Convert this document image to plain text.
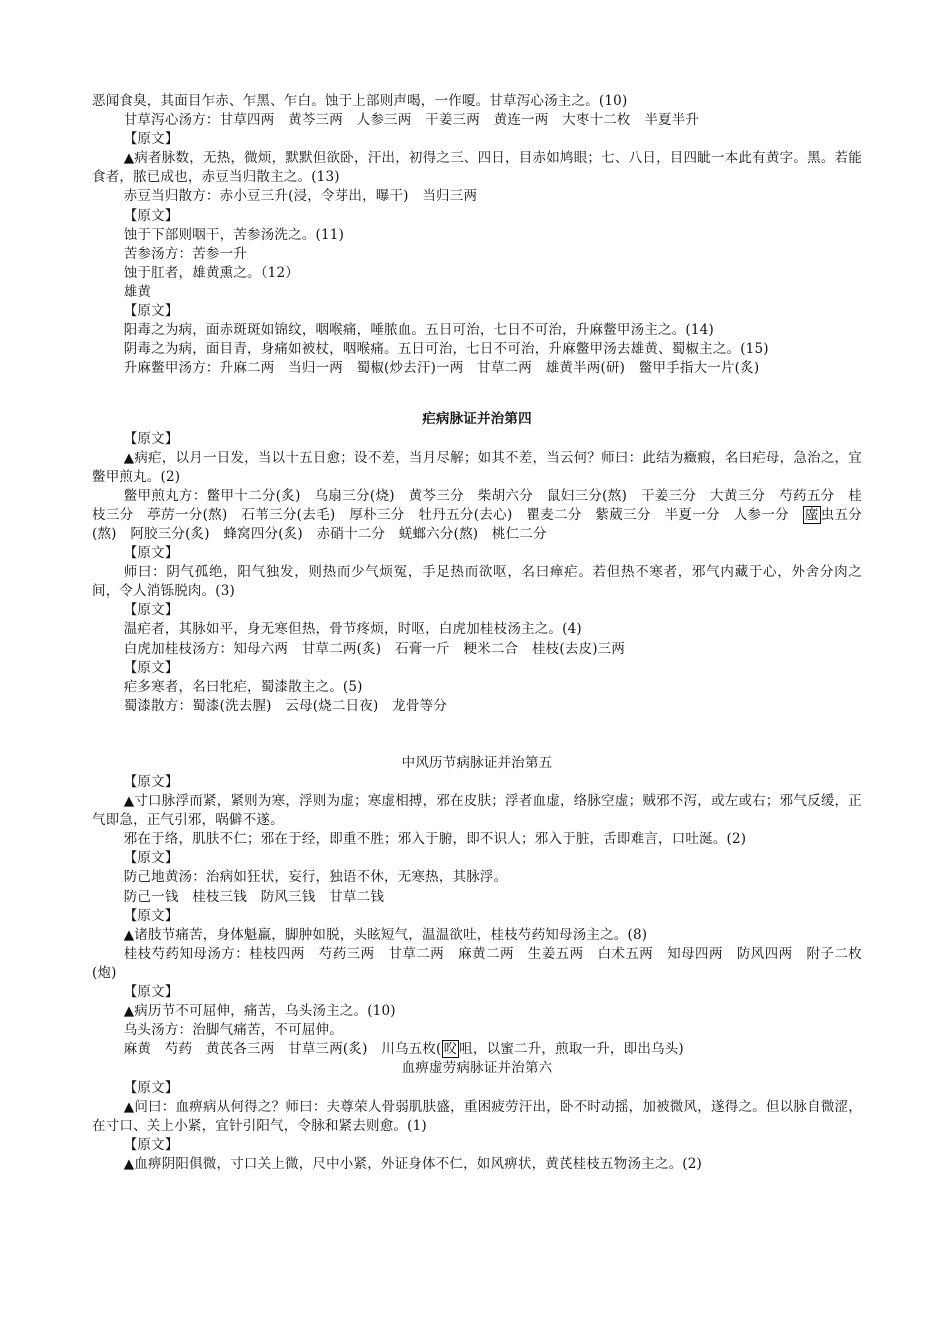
恶闻食臭，其面目乍赤、乍黑、乍白。蚀于上部则声喝，一作嗄。甘草泻心汤主之。(10)

甘草泻心汤方：甘草四两　黄芩三两　人参三两　干姜三两　黄连一两　大枣十二枚　半夏半升

【原文】

▲病者脉数，无热，微烦，默默但欲卧，汗出，初得之三、四日，目赤如鸠眼；七、八日，目四眦一本此有黄字。黑。若能食者，脓已成也，赤豆当归散主之。(13)

赤豆当归散方：赤小豆三升(浸，令芽出，曝干)　当归三两

【原文】

蚀于下部则咽干，苦参汤洗之。(11)

苦参汤方：苦参一升

蚀于肛者，雄黄熏之。（12）

雄黄

【原文】

阳毒之为病，面赤斑斑如锦纹，咽喉痛，唾脓血。五日可治，七日不可治，升麻鳖甲汤主之。(14)

阴毒之为病，面目青，身痛如被杖，咽喉痛。五日可治，七日不可治，升麻鳖甲汤去雄黄、蜀椒主之。(15)

升麻鳖甲汤方：升麻二两　当归一两　蜀椒(炒去汗)一两　甘草二两　雄黄半两(研)　鳖甲手指大一片(炙)

疟病脉证并治第四

【原文】

▲病疟，以月一日发，当以十五日愈；设不差，当月尽解；如其不差，当云何？师曰：此结为癥瘕，名曰疟母，急治之，宜鳖甲煎丸。(2)

鳖甲煎丸方：鳖甲十二分(炙)　乌扇三分(烧)　黄芩三分　柴胡六分　鼠妇三分(熬)　干姜三分　大黄三分　芍药五分　桂枝三分　葶苈一分(熬)　石苇三分(去毛)　厚朴三分　牡丹五分(去心)　瞿麦二分　紫葳三分　半夏一分　人参一分　䗪 虫五分(熬)　阿胶三分(炙)　蜂窝四分(炙)　赤硝十二分　蜣螂六分(熬)　桃仁二分

【原文】

师曰：阴气孤绝，阳气独发，则热而少气烦冤，手足热而欲呕，名曰瘅疟。若但热不寒者，邪气内藏于心，外舍分肉之间，令人消铄脱肉。(3)

【原文】

温疟者，其脉如平，身无寒但热，骨节疼烦，时呕，白虎加桂枝汤主之。(4)

白虎加桂枝汤方：知母六两　甘草二两(炙)　石膏一斤　粳米二合　桂枝(去皮)三两

【原文】

疟多寒者，名曰牝疟，蜀漆散主之。(5)

蜀漆散方：蜀漆(洗去腥)　云母(烧二日夜)　龙骨等分

中风历节病脉证并治第五

【原文】

▲寸口脉浮而紧，紧则为寒，浮则为虚；寒虚相搏，邪在皮肤；浮者血虚，络脉空虚；贼邪不泻，或左或右；邪气反缓，正气即急，正气引邪，㖞僻不遂。

邪在于络，肌肤不仁；邪在于经，即重不胜；邪入于腑，即不识人；邪入于脏，舌即难言，口吐涎。(2)

【原文】

防己地黄汤：治病如狂状，妄行，独语不休，无寒热，其脉浮。

防己一钱　桂枝三钱　防风三钱　甘草二钱

【原文】

▲诸肢节痛苦，身体魁羸，脚肿如脱，头眩短气，温温欲吐，桂枝芍药知母汤主之。(8)

桂枝芍药知母汤方：桂枝四两　芍药三两　甘草二两　麻黄二两　生姜五两　白术五两　知母四两　防风四两　附子二枚(炮)

【原文】

▲病历节不可屈伸，痛苦，乌头汤主之。(10)

乌头汤方：治脚气痛苦，不可屈伸。

麻黄　芍药　黄芪各三两　甘草三两(炙)　川乌五枚( 㕮 咀，以蜜二升，煎取一升，即出乌头)

血痹虚劳病脉证并治第六

【原文】

▲问曰：血痹病从何得之？师曰：夫尊荣人骨弱肌肤盛，重困疲劳汗出，卧不时动摇，加被微风，遂得之。但以脉自微涩，在寸口、关上小紧，宜针引阳气，令脉和紧去则愈。(1)

【原文】

▲血痹阴阳俱微，寸口关上微，尺中小紧，外证身体不仁，如风痹状，黄芪桂枝五物汤主之。(2)
